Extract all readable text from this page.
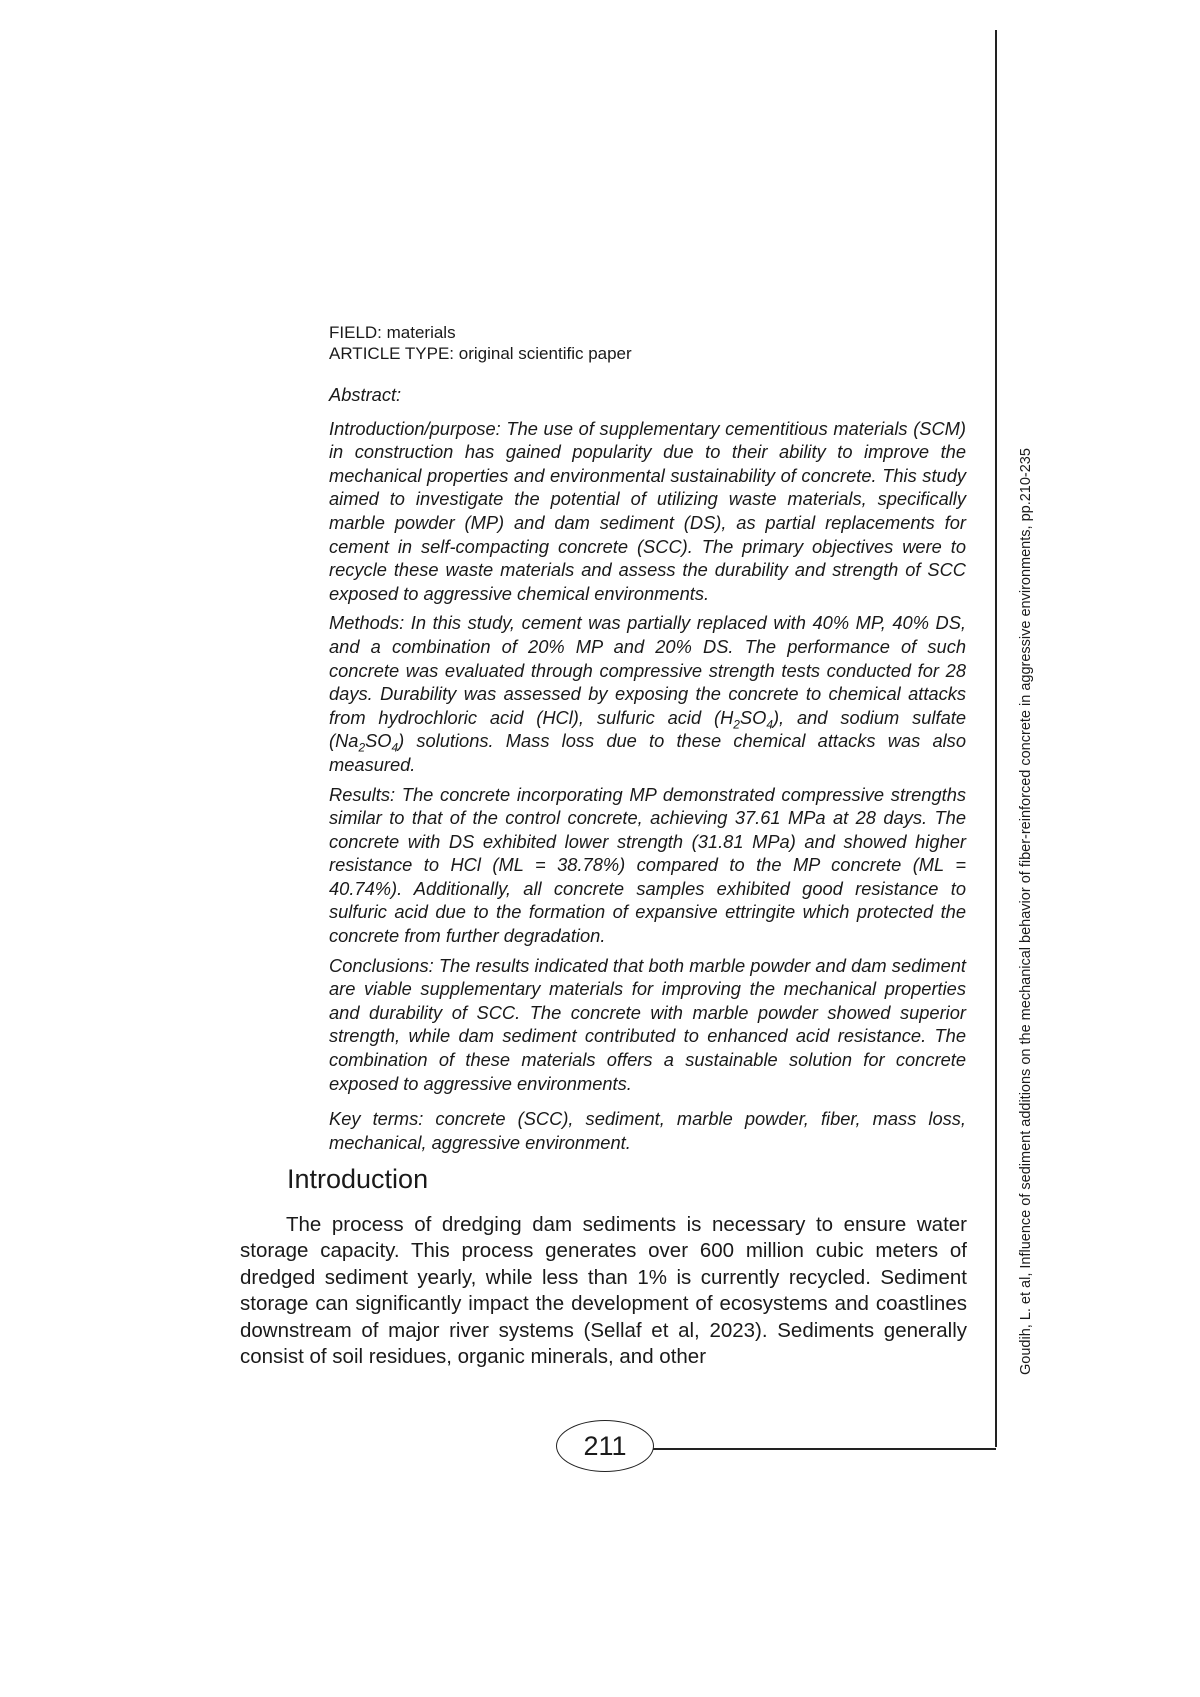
FIELD: materials
ARTICLE TYPE: original scientific paper

Abstract:

Introduction/purpose: The use of supplementary cementitious materials (SCM) in construction has gained popularity due to their ability to improve the mechanical properties and environmental sustainability of concrete. This study aimed to investigate the potential of utilizing waste materials, specifically marble powder (MP) and dam sediment (DS), as partial replacements for cement in self-compacting concrete (SCC). The primary objectives were to recycle these waste materials and assess the durability and strength of SCC exposed to aggressive chemical environments.

Methods: In this study, cement was partially replaced with 40% MP, 40% DS, and a combination of 20% MP and 20% DS. The performance of such concrete was evaluated through compressive strength tests conducted for 28 days. Durability was assessed by exposing the concrete to chemical attacks from hydrochloric acid (HCl), sulfuric acid $(H_2SO_4)$, and sodium sulfate $(Na_2SO_4)$ solutions. Mass loss due to these chemical attacks was also measured.

Results: The concrete incorporating MP demonstrated compressive strengths similar to that of the control concrete, achieving 37.61 MPa at 28 days. The concrete with DS exhibited lower strength (31.81 MPa) and showed higher resistance to HCl (ML = 38.78%) compared to the MP concrete (ML = 40.74%). Additionally, all concrete samples exhibited good resistance to sulfuric acid due to the formation of expansive ettringite which protected the concrete from further degradation.

Conclusions: The results indicated that both marble powder and dam sediment are viable supplementary materials for improving the mechanical properties and durability of SCC. The concrete with marble powder showed superior strength, while dam sediment contributed to enhanced acid resistance. The combination of these materials offers a sustainable solution for concrete exposed to aggressive environments.

Key terms: concrete (SCC), sediment, marble powder, fiber, mass loss, mechanical, aggressive environment.

Introduction

The process of dredging dam sediments is necessary to ensure water storage capacity. This process generates over 600 million cubic meters of dredged sediment yearly, while less than 1% is currently recycled. Sediment storage can significantly impact the development of ecosystems and coastlines downstream of major river systems (Sellaf et al, 2023). Sediments generally consist of soil residues, organic minerals, and other	Goudih, L. et al, Influence of sediment additions on the mechanical behavior of fiber-reinforced concrete in aggressive environments, pp.210-235
211
